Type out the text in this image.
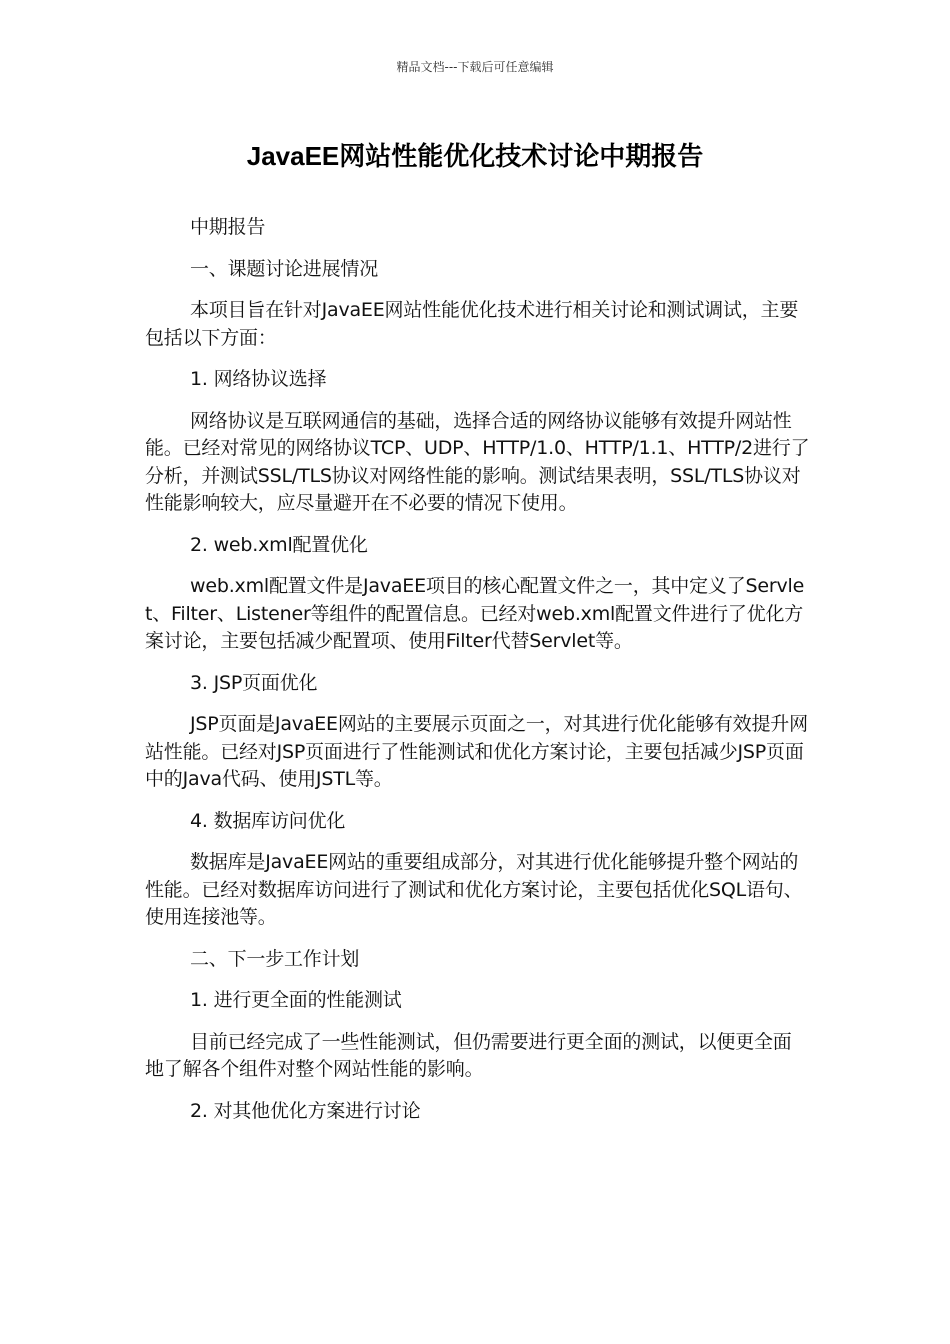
精品文档---下载后可任意编辑
JavaEE网站性能优化技术讨论中期报告

中期报告

一、课题讨论进展情况

本项目旨在针对JavaEE网站性能优化技术进行相关讨论和测试调试，主要包括以下方面：

1. 网络协议选择

网络协议是互联网通信的基础，选择合适的网络协议能够有效提升网站性能。已经对常见的网络协议TCP、UDP、HTTP/1.0、HTTP/1.1、HTTP/2进行了分析，并测试SSL/TLS协议对网络性能的影响。测试结果表明，SSL/TLS协议对性能影响较大，应尽量避开在不必要的情况下使用。

2. web.xml配置优化

web.xml配置文件是JavaEE项目的核心配置文件之一，其中定义了Servlet、Filter、Listener等组件的配置信息。已经对web.xml配置文件进行了优化方案讨论，主要包括减少配置项、使用Filter代替Servlet等。

3. JSP页面优化

JSP页面是JavaEE网站的主要展示页面之一，对其进行优化能够有效提升网站性能。已经对JSP页面进行了性能测试和优化方案讨论，主要包括减少JSP页面中的Java代码、使用JSTL等。

4. 数据库访问优化

数据库是JavaEE网站的重要组成部分，对其进行优化能够提升整个网站的性能。已经对数据库访问进行了测试和优化方案讨论，主要包括优化SQL语句、使用连接池等。

二、下一步工作计划

1. 进行更全面的性能测试

目前已经完成了一些性能测试，但仍需要进行更全面的测试，以便更全面地了解各个组件对整个网站性能的影响。

2. 对其他优化方案进行讨论
